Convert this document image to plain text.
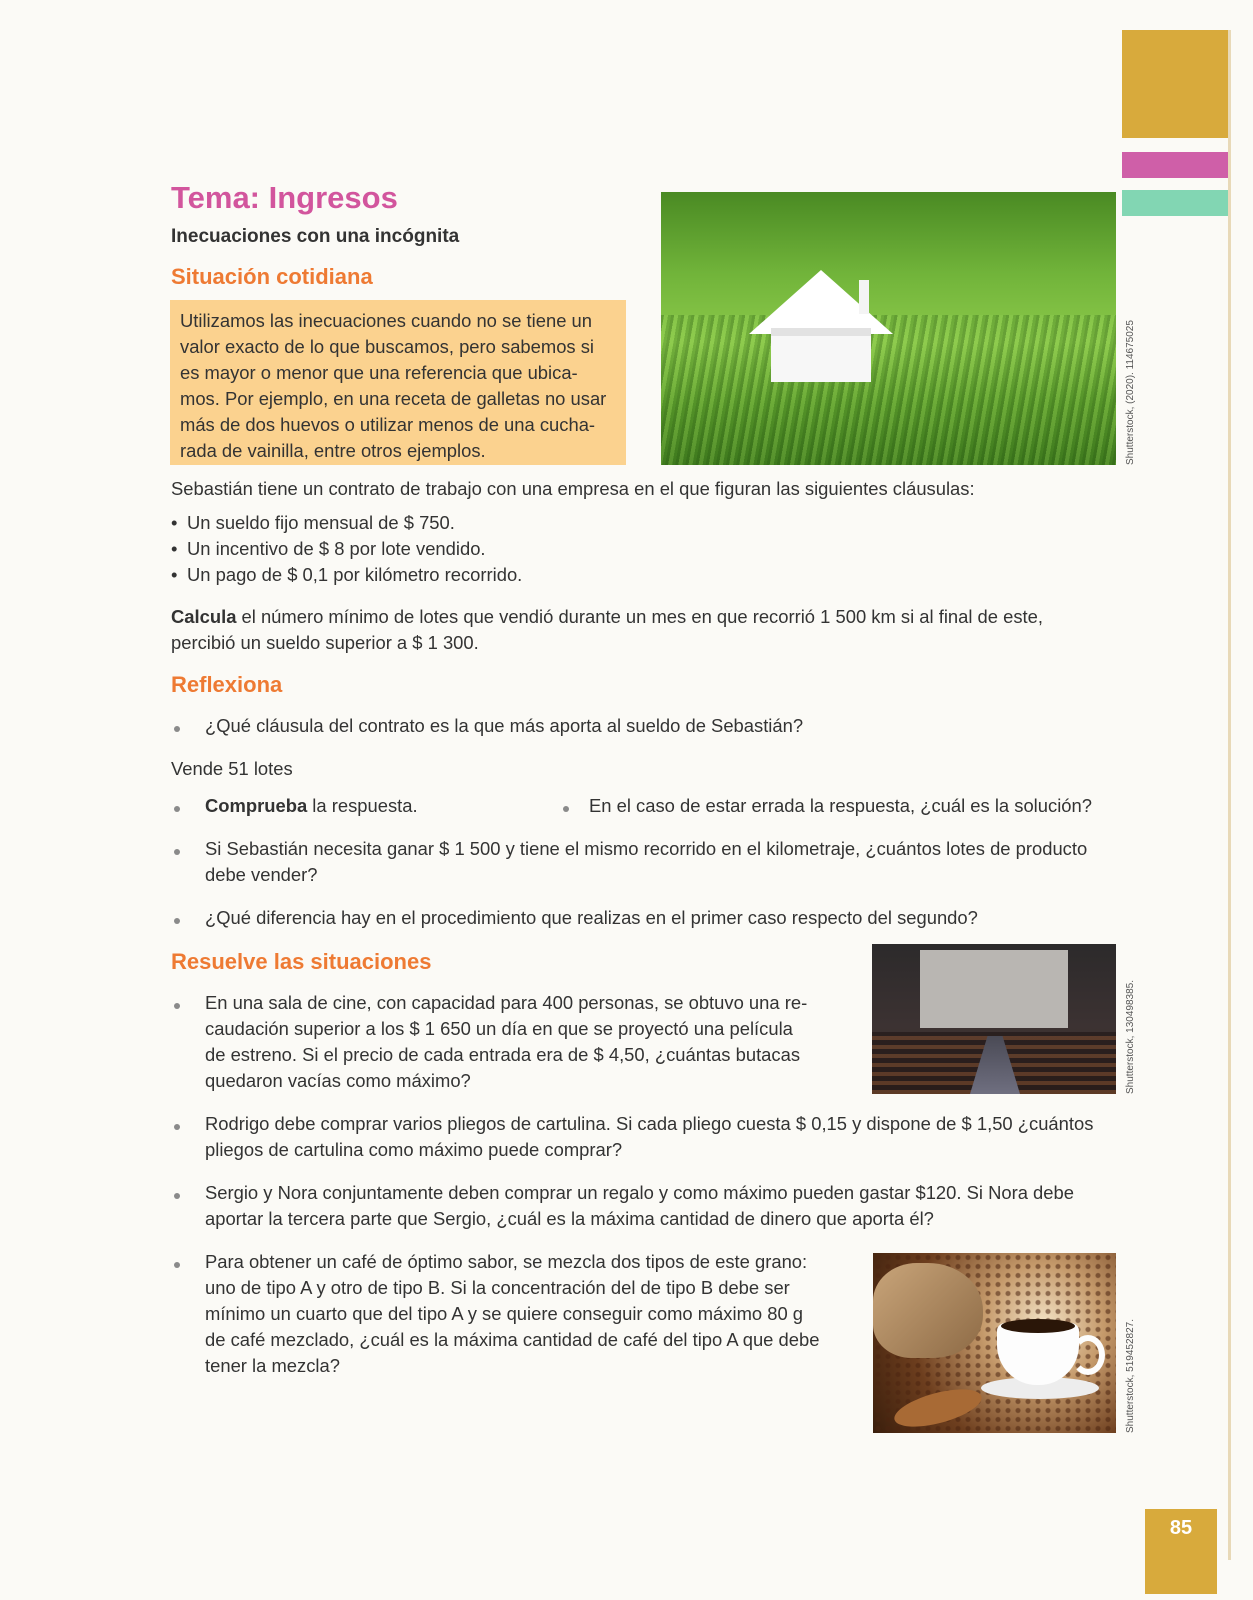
Tema: Ingresos
Inecuaciones con una incógnita
Situación cotidiana

Utilizamos las inecuaciones cuando no se tiene un

valor exacto de lo que buscamos, pero sabemos si

es mayor o menor que una referencia que ubica-

mos. Por ejemplo, en una receta de galletas no usar

más de dos huevos o utilizar menos de una cucha-

rada de vainilla, entre otros ejemplos.	Shutterstock, (2020). 114675025

Sebastián tiene un contrato de trabajo con una empresa en el que figuran las siguientes cláusulas:

• Un sueldo fijo mensual de $ 750.
• Un incentivo de $ 8 por lote vendido.
• Un pago de $ 0,1 por kilómetro recorrido.

Calcula el número mínimo de lotes que vendió durante un mes en que recorrió 1 500 km si al final de este,

percibió un sueldo superior a $ 1 300.

Reflexiona

¿Qué cláusula del contrato es la que más aporta al sueldo de Sebastián?

Vende 51 lotes

Comprueba la respuesta.	En el caso de estar errada la respuesta, ¿cuál es la solución?

Si Sebastián necesita ganar $ 1 500 y tiene el mismo recorrido en el kilometraje, ¿cuántos lotes de producto

debe vender?

¿Qué diferencia hay en el procedimiento que realizas en el primer caso respecto del segundo?

Resuelve las situaciones

En una sala de cine, con capacidad para 400 personas, se obtuvo una re-

caudación superior a los $ 1 650 un día en que se proyectó una película

de estreno. Si el precio de cada entrada era de $ 4,50, ¿cuántas butacas

quedaron vacías como máximo?	Shutterstock, 130498385.

Rodrigo debe comprar varios pliegos de cartulina. Si cada pliego cuesta $ 0,15 y dispone de $ 1,50 ¿cuántos

pliegos de cartulina como máximo puede comprar?

Sergio y Nora conjuntamente deben comprar un regalo y como máximo pueden gastar $120. Si Nora debe

aportar la tercera parte que Sergio, ¿cuál es la máxima cantidad de dinero que aporta él?

Para obtener un café de óptimo sabor, se mezcla dos tipos de este grano:

uno de tipo A y otro de tipo B. Si la concentración del de tipo B debe ser

mínimo un cuarto que del tipo A y se quiere conseguir como máximo 80 g

de café mezclado, ¿cuál es la máxima cantidad de café del tipo A que debe

tener la mezcla?	Shutterstock, 519452827.
85
